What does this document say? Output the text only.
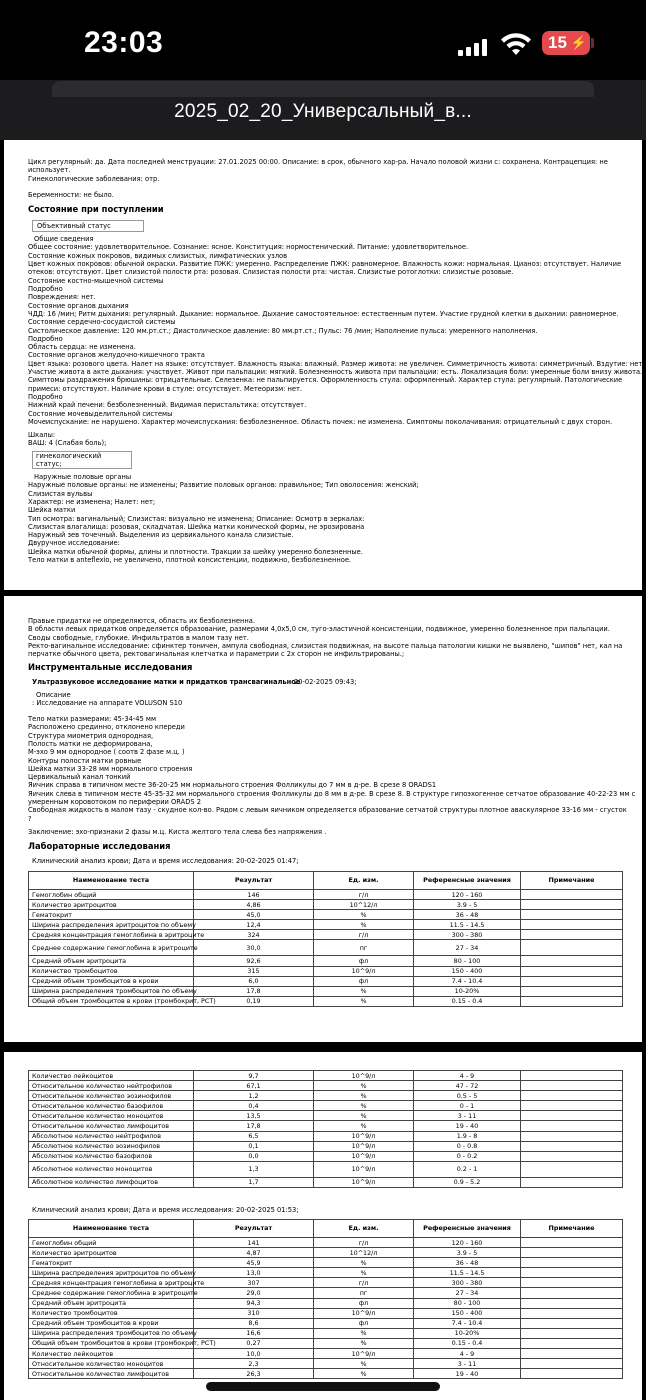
23:03	15 ⚡
2025_02_20_Универсальный_в...
Цикл регулярный: да. Дата последней менструации: 27.01.2025 00:00. Описание: в срок, обычного хар-ра. Начало половой жизни с: сохранена. Контрацепция: не
использует.
Гинекологические заболевания: отр.
Беременности: не было.
Состояние при поступлении
Объективный статус
Общие сведения
Общее состояние: удовлетворительное. Сознание: ясное. Конституция: нормостенический. Питание: удовлетворительное.
Состояние кожных покровов, видимых слизистых, лимфатических узлов
Цвет кожных покровов: обычной окраски. Развитие ПЖК: умеренно. Распределение ПЖК: равномерное. Влажность кожи: нормальная. Цианоз: отсутствует. Наличие
отеков: отсутствуют. Цвет слизистой полости рта: розовая. Слизистая полости рта: чистая. Слизистые ротоглотки: слизистые розовые.
Состояние костно-мышечной системы
Подробно
Повреждения: нет.
Состояние органов дыхания
ЧДД: 16 /мин; Ритм дыхания: регулярный. Дыхание: нормальное. Дыхание самостоятельное: естественным путем. Участие грудной клетки в дыхании: равномерное.
Состояние сердечно-сосудистой системы
Систолическое давление: 120 мм.рт.ст.; Диастолическое давление: 80 мм.рт.ст.; Пульс: 76 /мин; Наполнение пульса: умеренного наполнения.
Подробно
Область сердца: не изменена.
Состояние органов желудочно-кишечного тракта
Цвет языка: розового цвета. Налет на языке: отсутствует. Влажность языка: влажный. Размер живота: не увеличен. Симметричность живота: симметричный. Вздутие: нет.
Участие живота в акте дыхания: участвует. Живот при пальпации: мягкий. Болезненность живота при пальпации: есть. Локализация боли: умеренные боли внизу живота.
Симптомы раздражения брюшины: отрицательные. Селезенка: не пальпируется. Оформленность стула: оформленный. Характер стула: регулярный. Патологические
примеси: отсутствуют. Наличие крови в стуле: отсутствует. Метеоризм: нет.
Подробно
Нижний край печени: безболезненный. Видимая перистальтика: отсутствует.
Состояние мочевыделительной системы
Мочеиспускание: не нарушено. Характер мочеиспускания: безболезненное. Область почек: не изменена. Симптомы поколачивания: отрицательный с двух сторон.
Шкалы:
ВАШ: 4 (Слабая боль);
гинекологический
статус;
Наружные половые органы
Наружные половые органы: не изменены; Развитие половых органов: правильное; Тип оволосения: женский;
Слизистая вульвы
Характер: не изменена; Налет: нет;
Шейка матки
Тип осмотра: вагинальный; Слизистая: визуально не изменена; Описание: Осмотр в зеркалах:
Слизистая влагалища: розовая, складчатая. Шейка матки конической формы, не эрозирована
Наружный зев точечный. Выделения из цервикального канала слизистые.
Двуручное исследование:
Шейка матки обычной формы, длины и плотности. Тракции за шейку умеренно болезненные.
Тело матки в anteflexio, не увеличено, плотной консистенции, подвижно, безболезненное.
Правые придатки не определяются, область их безболезненна.
В области левых придатков определяется образование, размерами 4,0х5,0 см, туго-эластичной консистенции, подвижное, умеренно болезненное при пальпации.
Своды свободные, глубокие. Инфильтратов в малом тазу нет.
Ректо-вагинальное исследование: сфинктер тоничен, ампула свободная, слизистая подвижная, на высоте пальца патологии кишки не выявлено, "шипов" нет, кал на
перчатке обычного цвета, ректовагинальная клетчатка и параметрии с 2х сторон не инфильтрированы.;
Инструментальные исследования
Ультразвуковое исследование матки и придатков трансвагинальное
20-02-2025 09:43;
Описание
: Исследование на аппарате VOLUSON S10
Тело матки размерами: 45-34-45 мм
Расположено срединно, отклонено кпереди
Структура миометрия однородная,
Полость матки не деформирована,
М-эхо 9 мм однородное ( соотв 2 фазе м.ц. )
Контуры полости матки ровные
Шейка матки 33-28 мм нормального строения
Цервикальный канал тонкий
Яичник справа в типичном месте 36-20-25 мм нормального строения Фолликулы до 7 мм в д-ре. В срезе 8 ORADS1
Яичник слева в типичном месте 45-35-32 мм нормального строения Фолликулы до 8 мм в д-ре. В срезе 8. В структуре гипоэхогенное сетчатое образование 40-22-23 мм с
умеренным коровотоком по периферии ORADS 2
Свободная жидкость в малом тазу - скудное кол-во. Рядом с левым яичником определяется образование сетчатой структуры плотное аваскулярное 33-16 мм - сгусток
?
Заключение: эхо-признаки 2 фазы м.ц. Киста желтого тела слева без напряжения .
Лабораторные исследования
Клинический анализ крови; Дата и время исследования: 20-02-2025 01:47;
Наименование теста	Результат	Ед. изм.	Референсные значения	Примечание
Гемоглобин общий	146	г/л	120 - 160	
Количество эритроцитов	4,86	10^12/л	3.9 - 5	
Гематокрит	45,0	%	36 - 48	
Ширина распределения эритроцитов по объему	12,4	%	11.5 - 14.5	
Средняя концентрация гемоглобина в эритроците	324	г/л	300 - 380	
Среднее содержание гемоглобина в эритроците	30,0	пг	27 - 34	
Средний объем эритроцита	92,6	фл	80 - 100	
Количество тромбоцитов	315	10^9/л	150 - 400	
Средний объем тромбоцитов в крови	6,0	фл	7.4 - 10.4	
Ширина распределения тромбоцитов по объему	17,8	%	10-20%	
Общий объем тромбоцитов в крови (тромбокрит, PCT)	0,19	%	0.15 - 0.4	
Количество лейкоцитов	9,7	10^9/л	4 - 9	
Относительное количество нейтрофилов	67,1	%	47 - 72	
Относительное количество эозинофилов	1,2	%	0.5 - 5	
Относительное количество базофилов	0,4	%	0 - 1	
Относительное количество моноцитов	13,5	%	3 - 11	
Относительное количество лимфоцитов	17,8	%	19 - 40	
Абсолютное количество нейтрофилов	6,5	10^9/л	1.9 - 8	
Абсолютное количество эозинофилов	0,1	10^9/л	0 - 0.8	
Абсолютное количество базофилов	0,0	10^9/л	0 - 0.2	
Абсолютное количество моноцитов	1,3	10^9/л	0.2 - 1	
Абсолютное количество лимфоцитов	1,7	10^9/л	0.9 - 5.2	
Клинический анализ крови; Дата и время исследования: 20-02-2025 01:53;
Наименование теста	Результат	Ед. изм.	Референсные значения	Примечание
Гемоглобин общий	141	г/л	120 - 160	
Количество эритроцитов	4,87	10^12/л	3.9 - 5	
Гематокрит	45,9	%	36 - 48	
Ширина распределения эритроцитов по объему	13,0	%	11.5 - 14.5	
Средняя концентрация гемоглобина в эритроците	307	г/л	300 - 380	
Среднее содержание гемоглобина в эритроците	29,0	пг	27 - 34	
Средний объем эритроцита	94,3	фл	80 - 100	
Количество тромбоцитов	310	10^9/л	150 - 400	
Средний объем тромбоцитов в крови	8,6	фл	7.4 - 10.4	
Ширина распределения тромбоцитов по объему	16,6	%	10-20%	
Общий объем тромбоцитов в крови (тромбокрит, PCT)	0,27	%	0.15 - 0.4	
Количество лейкоцитов	10,0	10^9/л	4 - 9	
Относительное количество моноцитов	2,3	%	3 - 11	
Относительное количество лимфоцитов	26,3	%	19 - 40	
